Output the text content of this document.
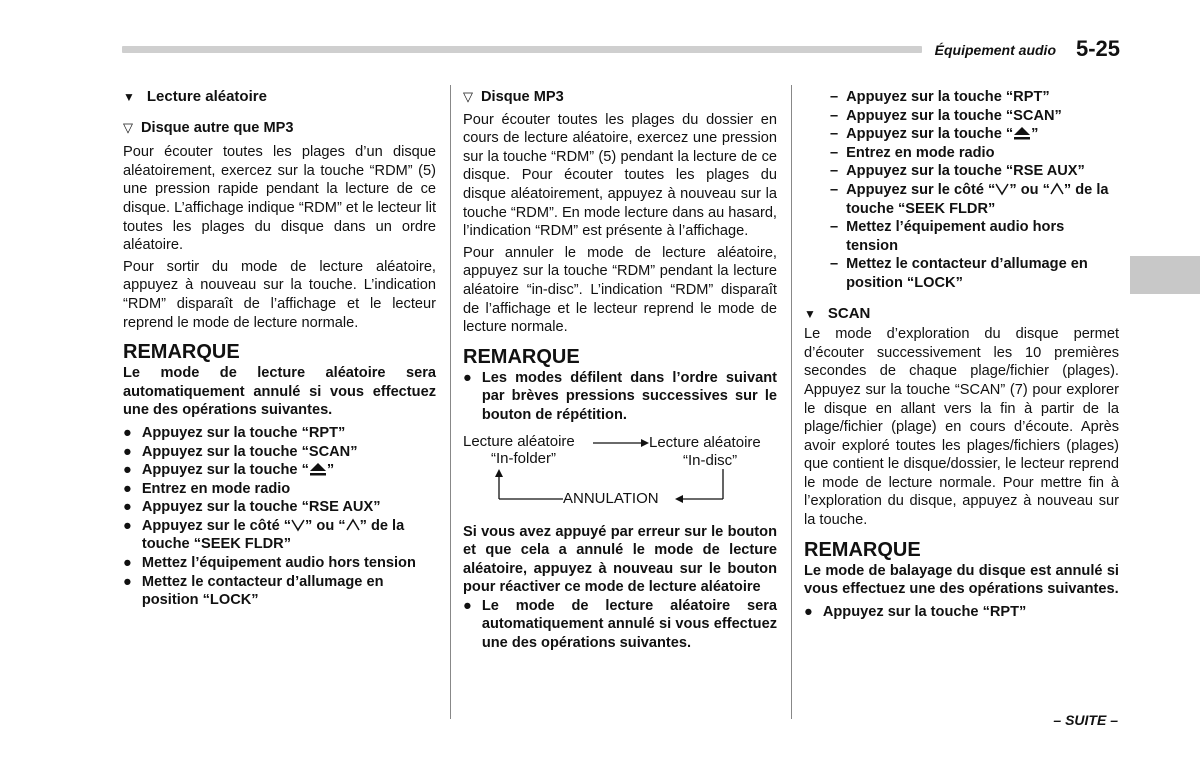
Équipement audio 5-25
▼ Lecture aléatoire
▽ Disque autre que MP3

Pour écouter toutes les plages d’un disque aléatoirement, exercez sur la touche “RDM” (5) une pression rapide pendant la lecture de ce disque. L’affichage indique “RDM” et le lecteur lit toutes les plages du disque dans un ordre aléatoire.

Pour sortir du mode de lecture aléatoire, appuyez à nouveau sur la touche. L’indication “RDM” disparaît de l’affichage et le lecteur reprend le mode de lecture normale.

REMARQUE

Le mode de lecture aléatoire sera automatiquement annulé si vous effectuez une des opérations suivantes.

● Appuyez sur la touche “RPT”
● Appuyez sur la touche “SCAN”
● Appuyez sur la touche “ ”
● Entrez en mode radio
● Appuyez sur la touche “RSE AUX”
● Appuyez sur le côté “ ” ou “ ” de la touche “SEEK FLDR”
● Mettez l’équipement audio hors tension
● Mettez le contacteur d’allumage en position “LOCK”
▽ Disque MP3

Pour écouter toutes les plages du dossier en cours de lecture aléatoire, exercez une pression sur la touche “RDM” (5) pendant la lecture de ce disque. Pour écouter toutes les plages du disque aléatoirement, appuyez à nouveau sur la touche “RDM”. En mode lecture dans au hasard, l’indication “RDM” est présente à l’affichage.

Pour annuler le mode de lecture aléatoire, appuyez sur la touche “RDM” pendant la lecture aléatoire “in-disc”. L’indication “RDM” disparaît de l’affichage et le lecteur reprend le mode de lecture normale.

REMARQUE
● Les modes défilent dans l’ordre suivant par brèves pressions successives sur le bouton de répétition.
Lecture aléatoire
“In-folder”
Lecture aléatoire
“In-disc”
ANNULATION

Si vous avez appuyé par erreur sur le bouton et que cela a annulé le mode de lecture aléatoire, appuyez à nouveau sur le bouton pour réactiver ce mode de lecture aléatoire

● Le mode de lecture aléatoire sera automatiquement annulé si vous effectuez une des opérations suivantes.
– Appuyez sur la touche “RPT”
– Appuyez sur la touche “SCAN”
– Appuyez sur la touche “ ”
– Entrez en mode radio
– Appuyez sur la touche “RSE AUX”
– Appuyez sur le côté “ ” ou “ ” de la touche “SEEK FLDR”
– Mettez l’équipement audio hors tension
– Mettez le contacteur d’allumage en position “LOCK”
▼ SCAN

Le mode d’exploration du disque permet d’écouter successivement les 10 premières secondes de chaque plage/fichier (plages). Appuyez sur la touche “SCAN” (7) pour explorer le disque en allant vers la fin à partir de la plage/fichier (plage) en cours d’écoute. Après avoir exploré toutes les plages/fichiers (plages) que contient le disque/dossier, le lecteur reprend le mode de lecture normale. Pour mettre fin à l’exploration du disque, appuyez à nouveau sur la touche.

REMARQUE

Le mode de balayage du disque est annulé si vous effectuez une des opérations suivantes.

● Appuyez sur la touche “RPT”
– SUITE –
